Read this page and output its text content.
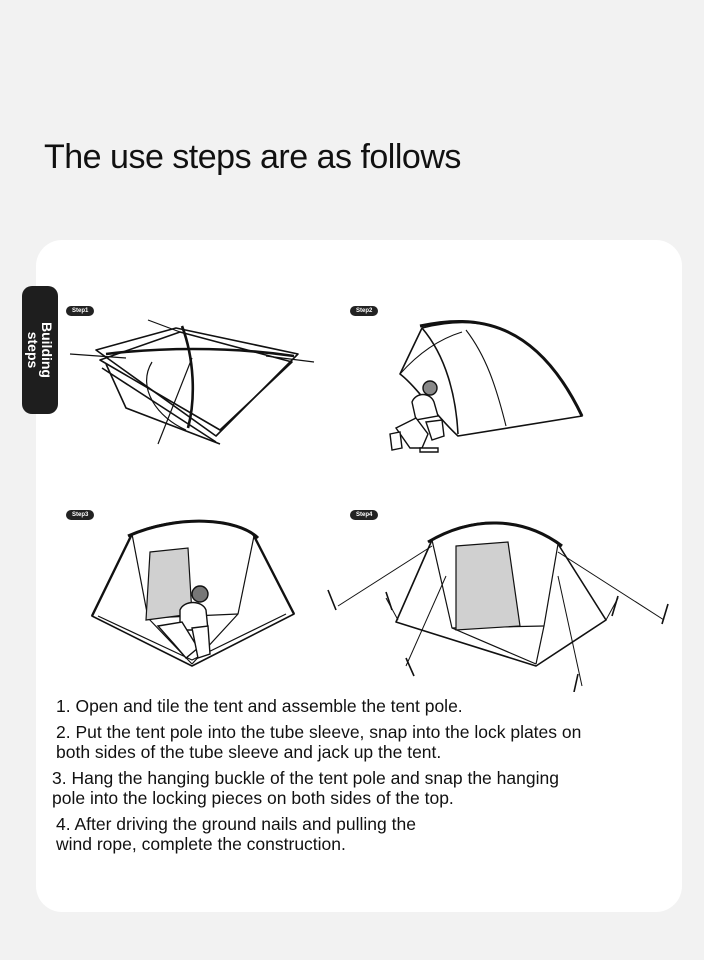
The use steps are as follows
Building
steps
Step1	Step2
Step3	Step4

1. Open and tile the tent and assemble the tent pole.

2. Put the tent pole into the tube sleeve, snap into the lock plates on
both sides of the tube sleeve and jack up the tent.

3. Hang the hanging buckle of the tent pole and snap the hanging
pole into the locking pieces on both sides of the top.

4. After driving the ground nails and pulling the
wind rope, complete the construction.
